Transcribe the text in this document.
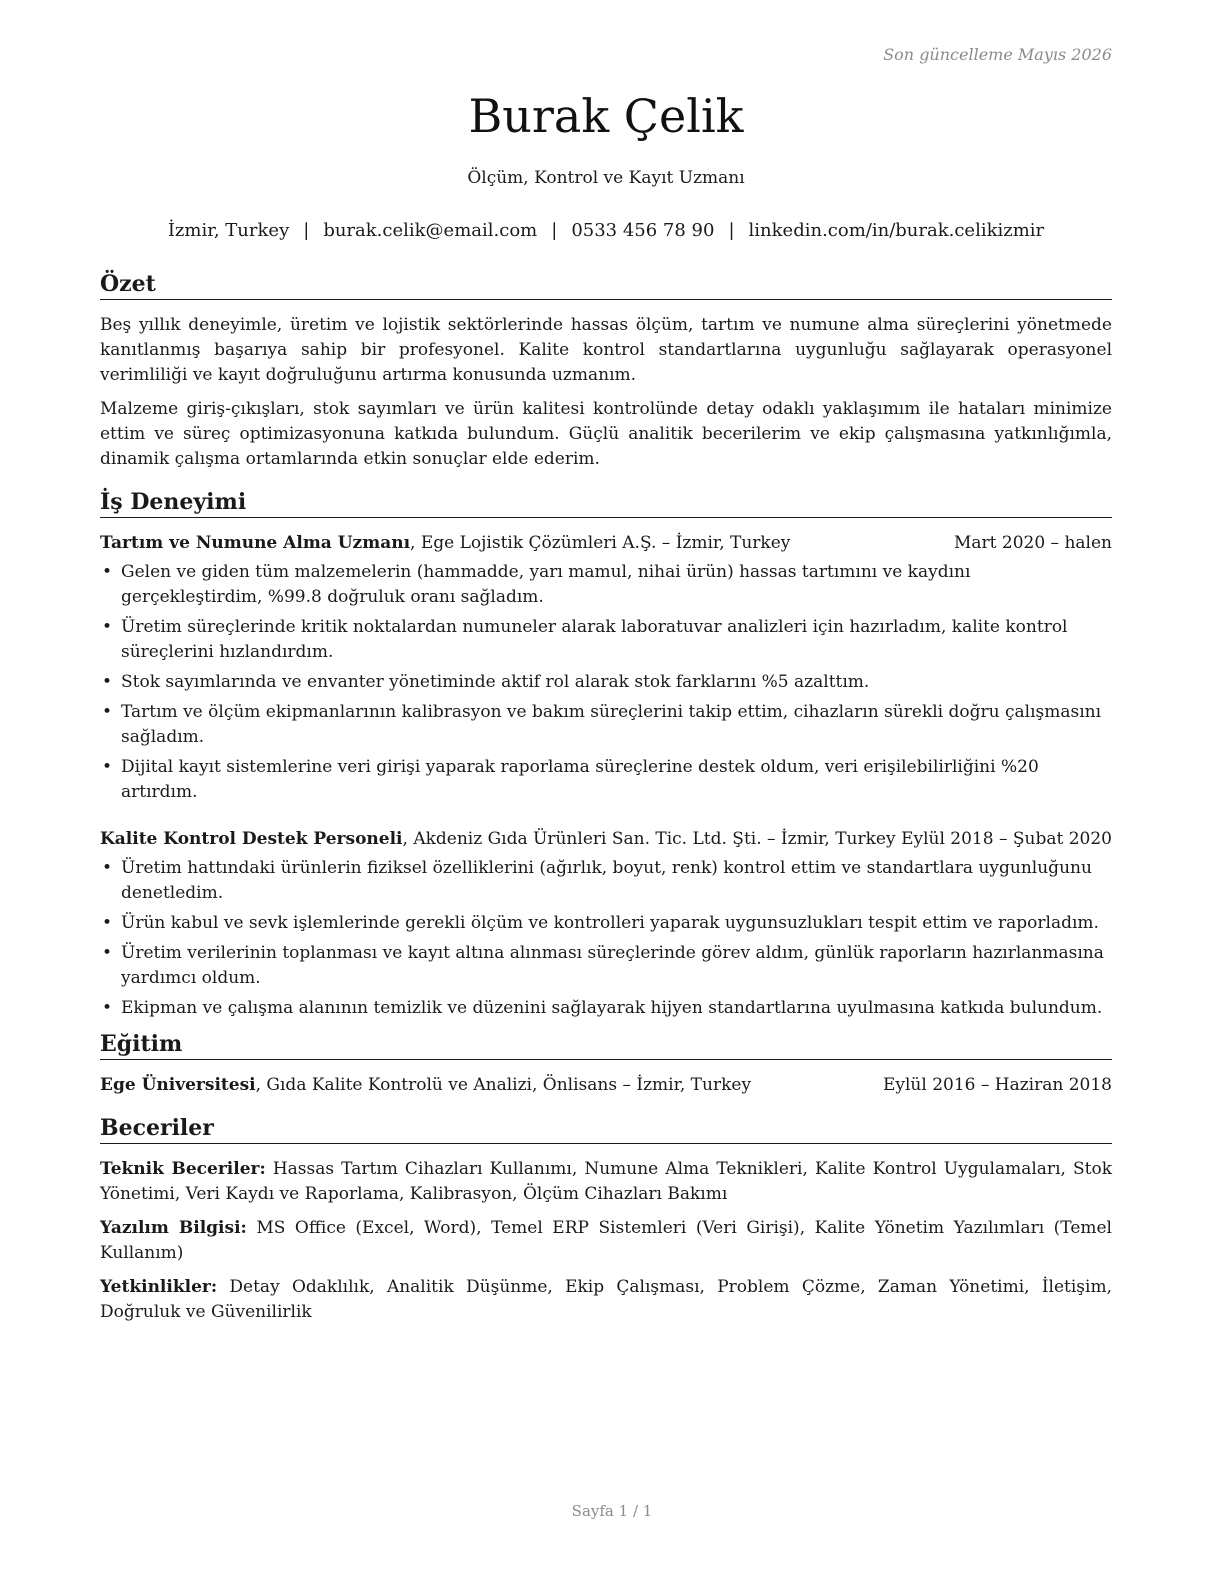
Son güncelleme Mayıs 2026
Burak Çelik
Ölçüm, Kontrol ve Kayıt Uzmanı
İzmir, Turkey | burak.celik@email.com | 0533 456 78 90 | linkedin.com/in/burak.celikizmir
Özet

Beş yıllık deneyimle, üretim ve lojistik sektörlerinde hassas ölçüm, tartım ve numune alma süreçlerini yönetmede kanıtlanmış başarıya sahip bir profesyonel. Kalite kontrol standartlarına uygunluğu sağlayarak operasyonel verimliliği ve kayıt doğruluğunu artırma konusunda uzmanım.

Malzeme giriş-çıkışları, stok sayımları ve ürün kalitesi kontrolünde detay odaklı yaklaşımım ile hataları minimize ettim ve süreç optimizasyonuna katkıda bulundum. Güçlü analitik becerilerim ve ekip çalışmasına yatkınlığımla, dinamik çalışma ortamlarında etkin sonuçlar elde ederim.

İş Deneyimi
Tartım ve Numune Alma Uzmanı, Ege Lojistik Çözümleri A.Ş. – İzmir, Turkey	Mart 2020 – halen
• Gelen ve giden tüm malzemelerin (hammadde, yarı mamul, nihai ürün) hassas tartımını ve kaydını gerçekleştirdim, %99.8 doğruluk oranı sağladım.
• Üretim süreçlerinde kritik noktalardan numuneler alarak laboratuvar analizleri için hazırladım, kalite kontrol süreçlerini hızlandırdım.
• Stok sayımlarında ve envanter yönetiminde aktif rol alarak stok farklarını %5 azalttım.
• Tartım ve ölçüm ekipmanlarının kalibrasyon ve bakım süreçlerini takip ettim, cihazların sürekli doğru çalışmasını sağladım.
• Dijital kayıt sistemlerine veri girişi yaparak raporlama süreçlerine destek oldum, veri erişilebilirliğini %20 artırdım.
Kalite Kontrol Destek Personeli, Akdeniz Gıda Ürünleri San. Tic. Ltd. Şti. – İzmir, Turkey Eylül 2018 – Şubat 2020
• Üretim hattındaki ürünlerin fiziksel özelliklerini (ağırlık, boyut, renk) kontrol ettim ve standartlara uygunluğunu denetledim.
• Ürün kabul ve sevk işlemlerinde gerekli ölçüm ve kontrolleri yaparak uygunsuzlukları tespit ettim ve raporladım.
• Üretim verilerinin toplanması ve kayıt altına alınması süreçlerinde görev aldım, günlük raporların hazırlanmasına yardımcı oldum.
• Ekipman ve çalışma alanının temizlik ve düzenini sağlayarak hijyen standartlarına uyulmasına katkıda bulundum.
Eğitim
Ege Üniversitesi, Gıda Kalite Kontrolü ve Analizi, Önlisans – İzmir, Turkey	Eylül 2016 – Haziran 2018
Beceriler

Teknik Beceriler: Hassas Tartım Cihazları Kullanımı, Numune Alma Teknikleri, Kalite Kontrol Uygulamaları, Stok Yönetimi, Veri Kaydı ve Raporlama, Kalibrasyon, Ölçüm Cihazları Bakımı

Yazılım Bilgisi: MS Office (Excel, Word), Temel ERP Sistemleri (Veri Girişi), Kalite Yönetim Yazılımları (Temel Kullanım)

Yetkinlikler: Detay Odaklılık, Analitik Düşünme, Ekip Çalışması, Problem Çözme, Zaman Yönetimi, İletişim, Doğruluk ve Güvenilirlik

Sayfa 1 / 1
